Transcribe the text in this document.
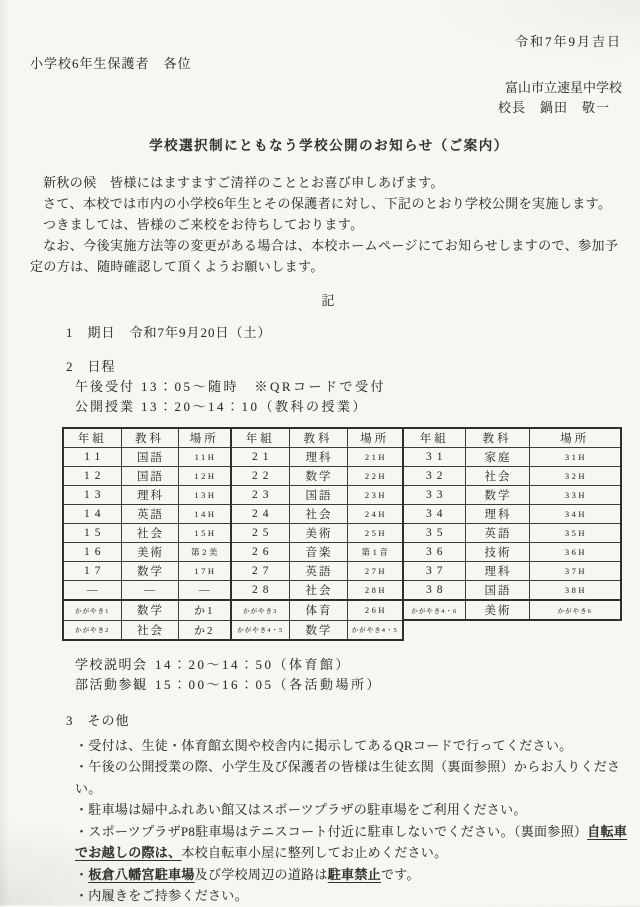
令和7年9月吉日
小学校6年生保護者　各位
富山市立速星中学校
校長　鍋田　敬一
学校選択制にともなう学校公開のお知らせ（ご案内）

新秋の候　皆様にはますますご清祥のこととお喜び申しあげます。

さて、本校では市内の小学校6年生とその保護者に対し、下記のとおり学校公開を実施します。

つきましては、皆様のご来校をお待ちしております。

なお、今後実施方法等の変更がある場合は、本校ホームページにてお知らせしますので、参加予定の方は、随時確認して頂くようお願いします。

記
1　期日　令和7年9月20日（土）
2　日程
午後受付 13：05～随時　※QRコードで受付
公開授業 13：20～14：10（教科の授業）
年組	教科	場所	年組	教科	場所	年組	教科	場所
11	国語	11H	21	理科	21H	31	家庭	31H
12	国語	12H	22	数学	22H	32	社会	32H
13	理科	13H	23	国語	23H	33	数学	33H
14	英語	14H	24	社会	24H	34	理科	34H
15	社会	15H	25	美術	25H	35	英語	35H
16	美術	第2美	26	音楽	第1音	36	技術	36H
17	数学	17H	27	英語	27H	37	理科	37H
―	―	―	28	社会	28H	38	国語	38H
かがやき1	数学	か1	かがやき3	体育	26H	かがやき4・6	美術	かがやき6
かがやき2	社会	か2	かがやき4・5	数学	かがやき4・5			
学校説明会 14：20～14：50（体育館）
部活動参観 15：00～16：05（各活動場所）
3　その他

・受付は、生徒・体育館玄関や校舎内に掲示してあるQRコードで行ってください。

・午後の公開授業の際、小学生及び保護者の皆様は生徒玄関（裏面参照）からお入りください。

・駐車場は婦中ふれあい館又はスポーツプラザの駐車場をご利用ください。

・スポーツプラザP8駐車場はテニスコート付近に駐車しないでください。（裏面参照）自転車でお越しの際は、本校自転車小屋に整列してお止めください。

・板倉八幡宮駐車場及び学校周辺の道路は駐車禁止です。

・内履きをご持参ください。
